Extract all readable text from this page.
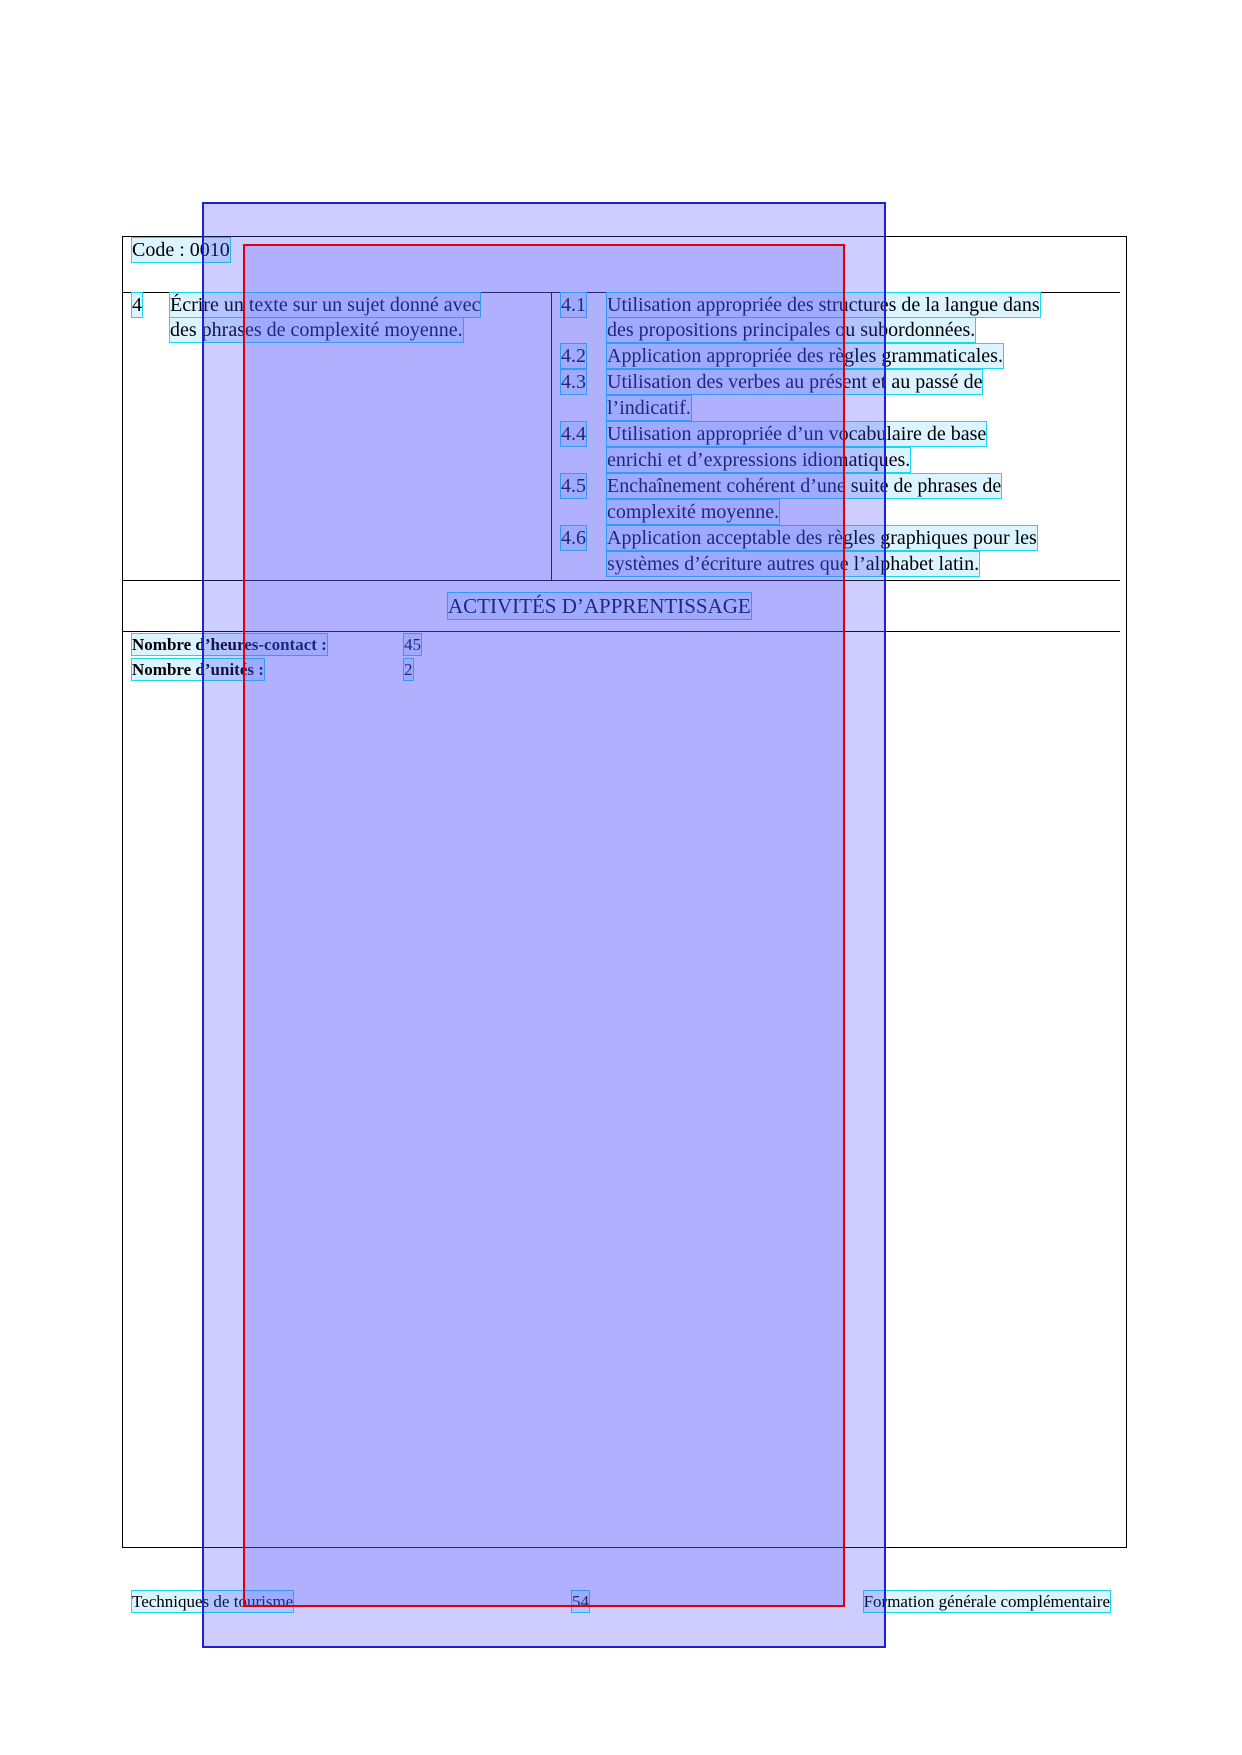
Code : 0010
4 Écrire un texte sur un sujet donné avec
des phrases de complexité moyenne.
4.1 Utilisation appropriée des structures de la langue dans
des propositions principales ou subordonnées.
4.2 Application appropriée des règles grammaticales.
4.3 Utilisation des verbes au présent et au passé de
l’indicatif.
4.4 Utilisation appropriée d’un vocabulaire de base
enrichi et d’expressions idiomatiques.
4.5 Enchaînement cohérent d’une suite de phrases de
complexité moyenne.
4.6 Application acceptable des règles graphiques pour les
systèmes d’écriture autres que l’alphabet latin.
ACTIVITÉS D’APPRENTISSAGE
Nombre d’heures-contact :	45
Nombre d’unités :	2
Techniques de tourisme	54	Formation générale complémentaire
